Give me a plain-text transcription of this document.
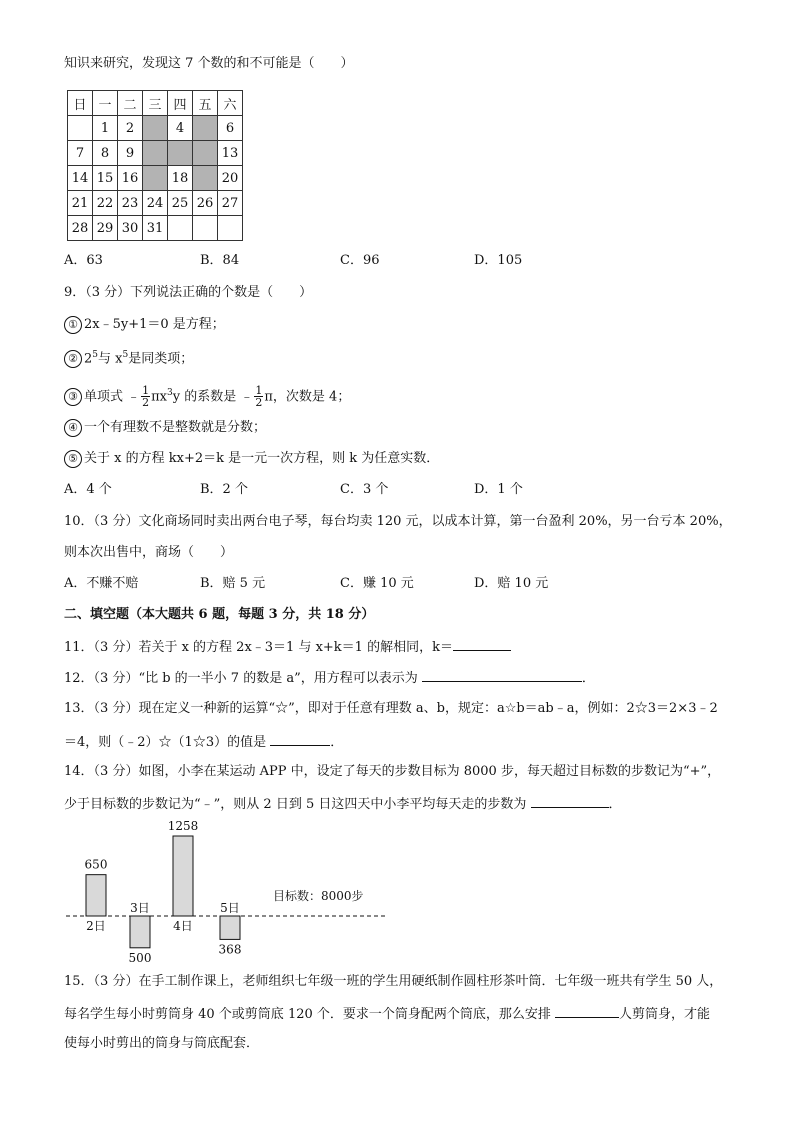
知识来研究，发现这 7 个数的和不可能是（　　）
日	一	二	三	四	五	六
	1	2		4		6
7	8	9				13
14	15	16		18		20
21	22	23	24	25	26	27
28	29	30	31			
A．63	B．84	C．96	D．105
9．（3 分）下列说法正确的个数是（　　）
① 2x﹣5y+1＝0 是方程；
② $2^5$与 $x^5$是同类项；
③ 单项式 ﹣ $\frac{1}{2} \pi x^3y$ 的系数是 ﹣ $\frac{1}{2}$ π，次数是 4；
④ 一个有理数不是整数就是分数；
⑤ 关于 x 的方程 kx+2＝k 是一元一次方程，则 k 为任意实数．
A．4 个	B．2 个	C．3 个	D．1 个
10．（3 分）文化商场同时卖出两台电子琴，每台均卖 120 元，以成本计算，第一台盈利 20%，另一台亏本 20%，
则本次出售中，商场（　　）
A．不赚不赔	B．赔 5 元	C．赚 10 元	D．赔 10 元
二、填空题（本大题共 6 题，每题 3 分，共 18 分）
11．（3 分）若关于 x 的方程 2x﹣3＝1 与 x+k＝1 的解相同，k＝
12．（3 分）“比 b 的一半小 7 的数是 a”，用方程可以表示为	．
13．（3 分）现在定义一种新的运算“☆”，即对于任意有理数 a、b，规定：a☆b＝ab﹣a，例如：2☆3＝2×3﹣2
＝4，则（﹣2）☆（1☆3）的值是	．
14．（3 分）如图，小李在某运动 APP 中，设定了每天的步数目标为 8000 步，每天超过目标数的步数记为“+”，
少于目标数的步数记为“﹣”，则从 2 日到 5 日这四天中小李平均每天走的步数为	．
目标数：8000步
650
2日
500
3日
1258
4日
368
5日
15．（3 分）在手工制作课上，老师组织七年级一班的学生用硬纸制作圆柱形茶叶筒．七年级一班共有学生 50 人，
每名学生每小时剪筒身 40 个或剪筒底 120 个．要求一个筒身配两个筒底，那么安排	人剪筒身，才能
使每小时剪出的筒身与筒底配套．
